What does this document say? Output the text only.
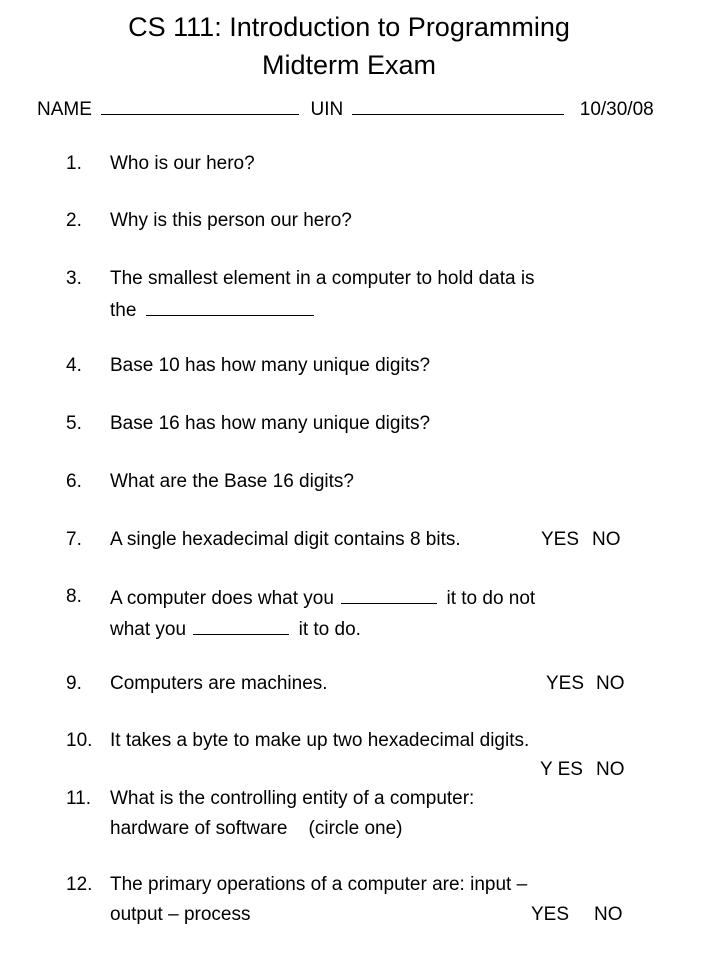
CS 111: Introduction to Programming
Midterm Exam
NAME	UIN	10/30/08
1.	Who is our hero?
2.	Why is this person our hero?
3.	The smallest element in a computer to hold data is
the
4.	Base 10 has how many unique digits?
5.	Base 16 has how many unique digits?
6.	What are the Base 16 digits?
7.	A single hexadecimal digit contains 8 bits.	YES NO
8.	A computer does what you	it to do not
what you	it to do.
9.	Computers are machines.	YES NO
10. It takes a byte to make up two hexadecimal digits.
Y ES NO
11. What is the controlling entity of a computer:
hardware of software    (circle one)
12. The primary operations of a computer are: input –
output – process	YES NO
